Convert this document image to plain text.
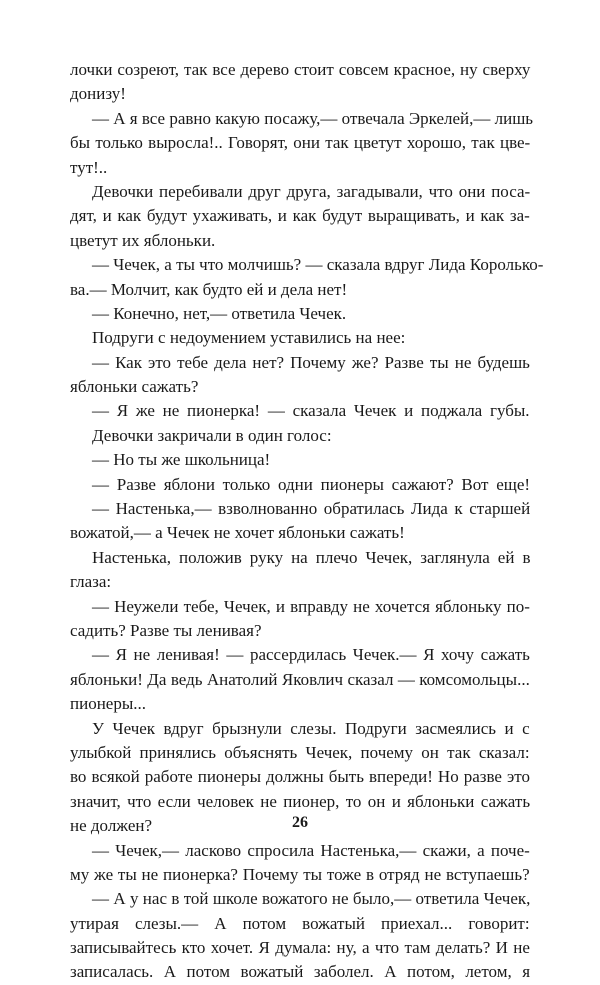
лочки созреют, так все дерево стоит совсем красное, ну сверху
донизу!
— А я все равно какую посажу,— отвечала Эркелей,— лишь
бы только выросла!.. Говорят, они так цветут хорошо, так цве-
тут!..
Девочки перебивали друг друга, загадывали, что они поса-
дят, и как будут ухаживать, и как будут выращивать, и как за-
цветут их яблоньки.
— Чечек, а ты что молчишь? — сказала вдруг Лида Королько-
ва.— Молчит, как будто ей и дела нет!
— Конечно, нет,— ответила Чечек.
Подруги с недоумением уставились на нее:
— Как это тебе дела нет? Почему же? Разве ты не будешь
яблоньки сажать?
— Я же не пионерка! — сказала Чечек и поджала губы.
Девочки закричали в один голос:
— Но ты же школьница!
— Разве яблони только одни пионеры сажают? Вот еще!
— Настенька,— взволнованно обратилась Лида к старшей
вожатой,— а Чечек не хочет яблоньки сажать!
Настенька, положив руку на плечо Чечек, заглянула ей в
глаза:
— Неужели тебе, Чечек, и вправду не хочется яблоньку по-
садить? Разве ты ленивая?
— Я не ленивая! — рассердилась Чечек.— Я хочу сажать
яблоньки! Да ведь Анатолий Яковлич сказал — комсомольцы...
пионеры...
У Чечек вдруг брызнули слезы. Подруги засмеялись и с
улыбкой принялись объяснять Чечек, почему он так сказал:
во всякой работе пионеры должны быть впереди! Но разве это
значит, что если человек не пионер, то он и яблоньки сажать
не должен?
— Чечек,— ласково спросила Настенька,— скажи, а поче-
му же ты не пионерка? Почему ты тоже в отряд не вступаешь?
— А у нас в той школе вожатого не было,— ответила Чечек,
утирая слезы.— А потом вожатый приехал... говорит:
записывайтесь кто хочет. Я думала: ну, а что там делать? И не
записалась. А потом вожатый заболел. А потом, летом, я
26
